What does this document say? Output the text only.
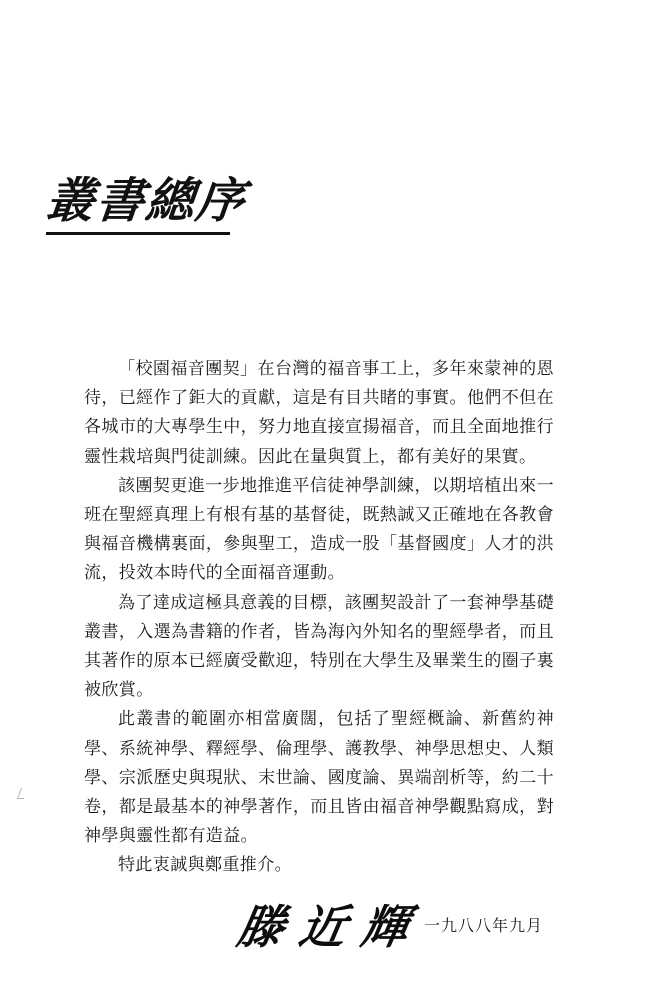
叢書總序

「校園福音團契」在台灣的福音事工上，多年來蒙神的恩待，已經作了鉅大的貢獻，這是有目共睹的事實。他們不但在各城市的大專學生中，努力地直接宣揚福音，而且全面地推行靈性栽培與門徒訓練。因此在量與質上，都有美好的果實。

該團契更進一步地推進平信徒神學訓練，以期培植出來一班在聖經真理上有根有基的基督徒，既熱誠又正確地在各教會與福音機構裏面，參與聖工，造成一股「基督國度」人才的洪流，投效本時代的全面福音運動。

為了達成這極具意義的目標，該團契設計了一套神學基礎叢書，入選為書籍的作者，皆為海內外知名的聖經學者，而且其著作的原本已經廣受歡迎，特別在大學生及畢業生的圈子裏被欣賞。

此叢書的範圍亦相當廣闊，包括了聖經概論、新舊約神學、系統神學、釋經學、倫理學、護教學、神學思想史、人類學、宗派歷史與現狀、末世論、國度論、異端剖析等，約二十卷，都是最基本的神學著作，而且皆由福音神學觀點寫成，對神學與靈性都有造益。

特此衷誠與鄭重推介。

滕近輝
一九八八年九月
